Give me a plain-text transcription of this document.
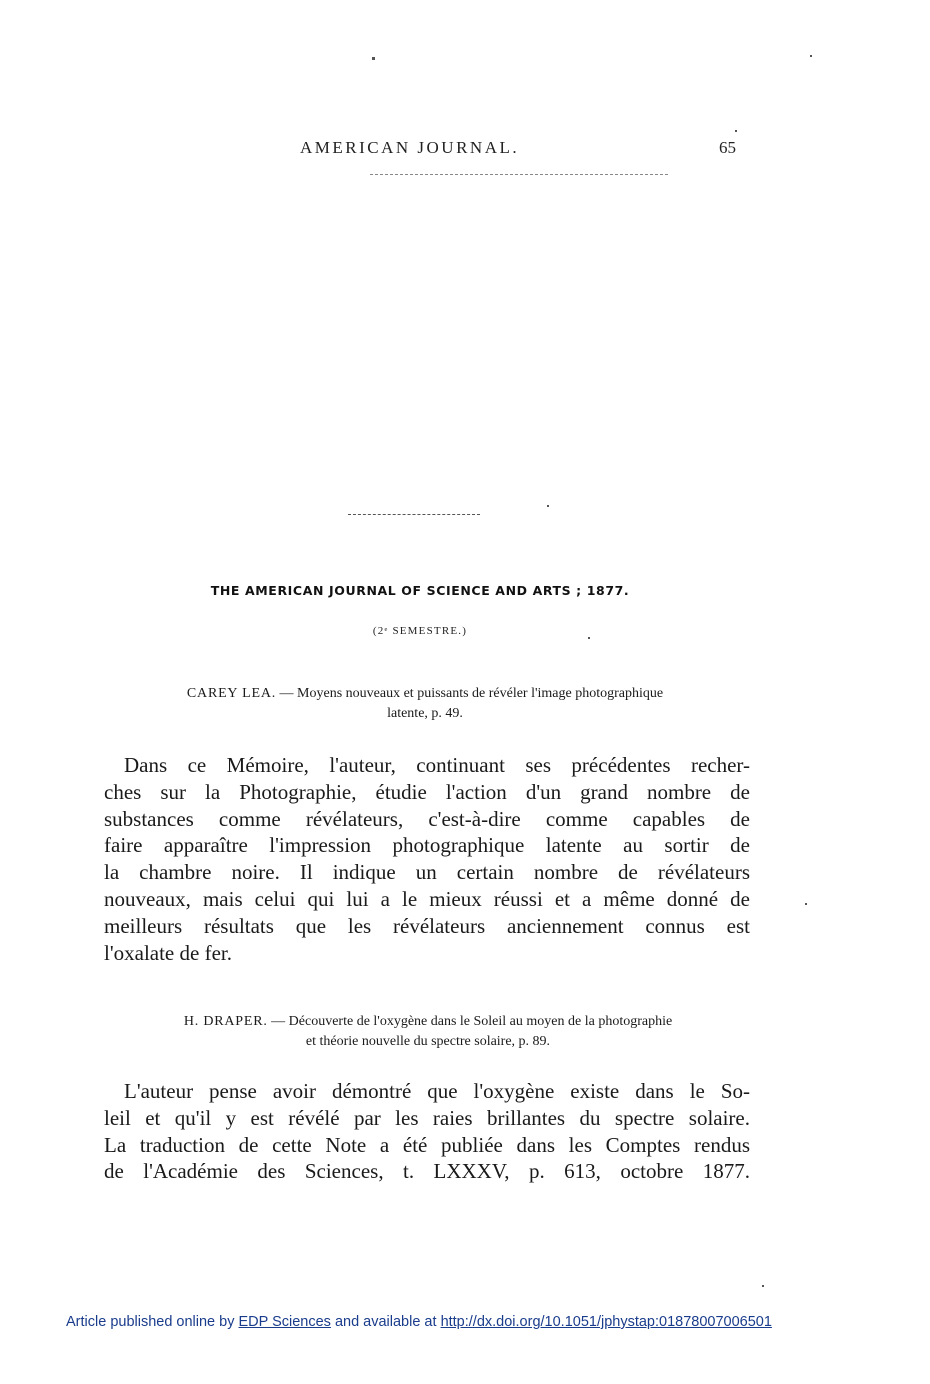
AMERICAN JOURNAL.	65
THE AMERICAN JOURNAL OF SCIENCE AND ARTS ; 1877.
(2ᵉ SEMESTRE.)
CAREY LEA. — Moyens nouveaux et puissants de révéler l'image photographique
latente, p. 49.
Dans ce Mémoire, l'auteur, continuant ses précédentes recher-
ches sur la Photographie, étudie l'action d'un grand nombre de
substances comme révélateurs, c'est-à-dire comme capables de
faire apparaître l'impression photographique latente au sortir de
la chambre noire. Il indique un certain nombre de révélateurs
nouveaux, mais celui qui lui a le mieux réussi et a même donné de
meilleurs résultats que les révélateurs anciennement connus est
l'oxalate de fer.
H. DRAPER. — Découverte de l'oxygène dans le Soleil au moyen de la photographie
et théorie nouvelle du spectre solaire, p. 89.
L'auteur pense avoir démontré que l'oxygène existe dans le So-
leil et qu'il y est révélé par les raies brillantes du spectre solaire.
La traduction de cette Note a été publiée dans les Comptes rendus
de l'Académie des Sciences, t. LXXXV, p. 613, octobre 1877.
Article published online by EDP Sciences and available at http://dx.doi.org/10.1051/jphystap:01878007006501
